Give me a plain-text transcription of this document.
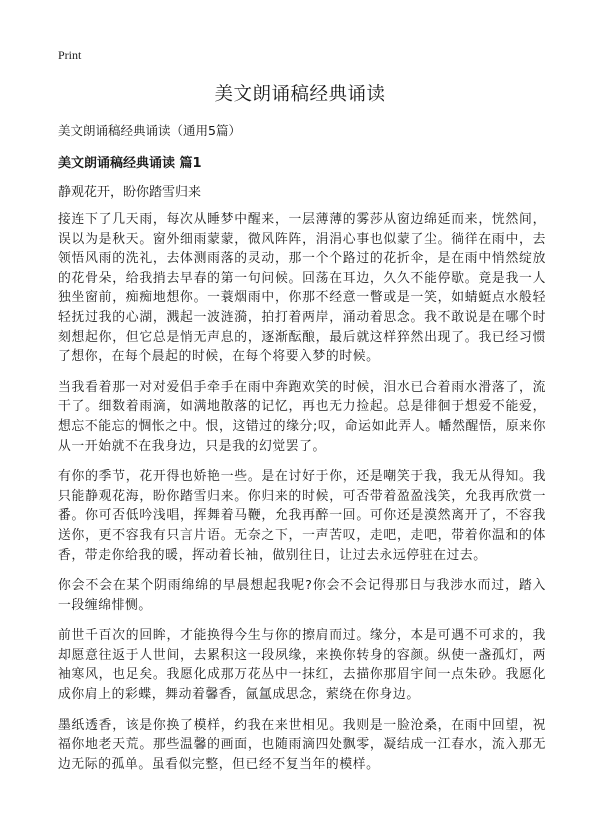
Print
美文朗诵稿经典诵读

美文朗诵稿经典诵读（通用5篇）

美文朗诵稿经典诵读 篇1

静观花开，盼你踏雪归来

接连下了几天雨，每次从睡梦中醒来，一层薄薄的雾莎从窗边绵延而来，恍然间，误以为是秋天。窗外细雨蒙蒙，微风阵阵，涓涓心事也似蒙了尘。徜徉在雨中，去领悟风雨的洗礼，去体测雨落的灵动，那一个个路过的花折伞，是在雨中悄然绽放的花骨朵，给我捎去早春的第一句问候。回荡在耳边，久久不能停歇。竟是我一人独坐窗前，痴痴地想你。一蓑烟雨中，你那不经意一瞥或是一笑，如蜻蜓点水般轻轻抚过我的心湖，溅起一波涟漪，拍打着两岸，涌动着思念。我不敢说是在哪个时刻想起你，但它总是悄无声息的，逐渐酝酿，最后就这样猝然出现了。我已经习惯了想你，在每个晨起的时候，在每个将要入梦的时候。

当我看着那一对对爱侣手牵手在雨中奔跑欢笑的时候，泪水已合着雨水滑落了，流干了。细数着雨滴，如满地散落的记忆，再也无力捡起。总是徘徊于想爱不能爱，想忘不能忘的惆怅之中。恨，这错过的缘分;叹，命运如此弄人。幡然醒悟，原来你从一开始就不在我身边，只是我的幻觉罢了。

有你的季节，花开得也娇艳一些。是在讨好于你，还是嘲笑于我，我无从得知。我只能静观花海，盼你踏雪归来。你归来的时候，可否带着盈盈浅笑，允我再欣赏一番。你可否低吟浅唱，挥舞着马鞭，允我再醉一回。可你还是漠然离开了，不容我送你，更不容我有只言片语。无奈之下，一声苦叹，走吧，走吧，带着你温和的体香，带走你给我的暖，挥动着长袖，做别往日，让过去永远停驻在过去。

你会不会在某个阴雨绵绵的早晨想起我呢?你会不会记得那日与我涉水而过，踏入一段缠绵悱恻。

前世千百次的回眸，才能换得今生与你的擦肩而过。缘分，本是可遇不可求的，我却愿意往返于人世间，去累积这一段夙缘，来换你转身的容颜。纵使一盏孤灯，两袖寒风，也足矣。我愿化成那万花丛中一抹红，去描你那眉宇间一点朱砂。我愿化成你肩上的彩蝶，舞动着馨香，氤氲成思念，萦绕在你身边。

墨纸透香，该是你换了模样，约我在来世相见。我则是一脸沧桑，在雨中回望，祝福你地老天荒。那些温馨的画面，也随雨滴四处飘零，凝结成一江春水，流入那无边无际的孤单。虽看似完整，但已经不复当年的模样。
